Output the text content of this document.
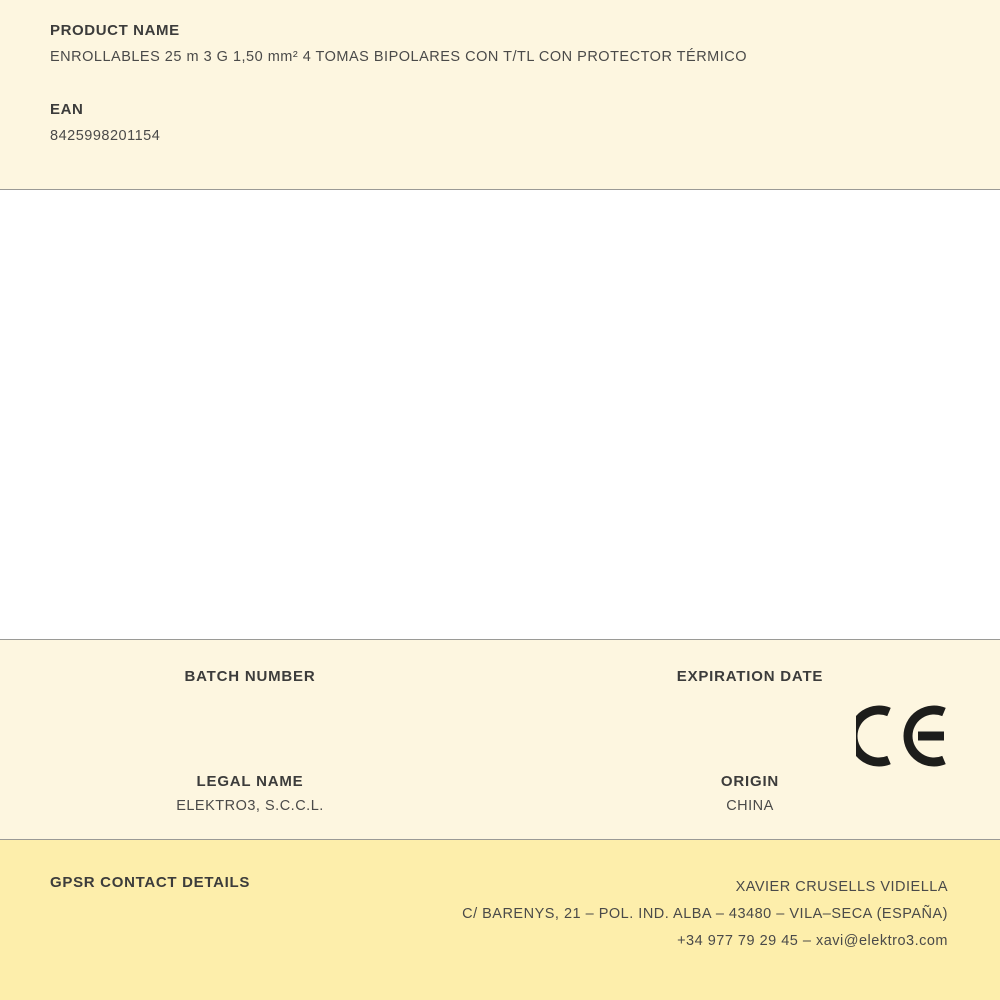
PRODUCT NAME

ENROLLABLES 25 m 3 G 1,50 mm² 4 TOMAS BIPOLARES CON T/TL CON PROTECTOR TÉRMICO

EAN

8425998201154

BATCH NUMBER	EXPIRATION DATE

LEGAL NAME

ELEKTRO3, S.C.C.L.

ORIGIN

CHINA

GPSR CONTACT DETAILS	XAVIER CRUSELLS VIDIELLA
C/ BARENYS, 21 – POL. IND. ALBA – 43480 – VILA–SECA (ESPAÑA)
+34 977 79 29 45 – xavi@elektro3.com
